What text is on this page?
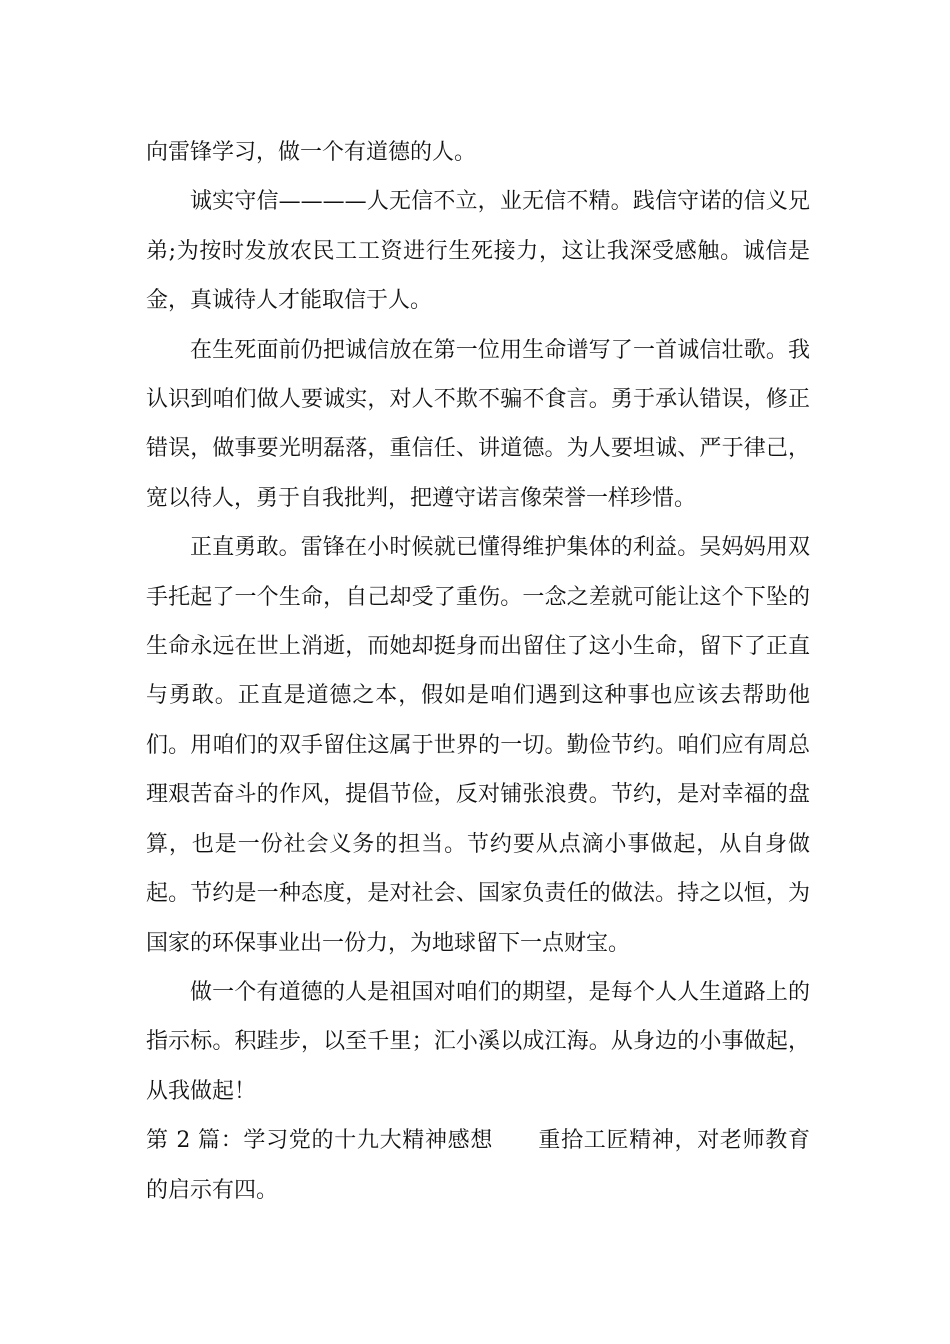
向雷锋学习，做一个有道德的人。

诚实守信————人无信不立，业无信不精。践信守诺的信义兄弟;为按时发放农民工工资进行生死接力，这让我深受感触。诚信是金，真诚待人才能取信于人。

在生死面前仍把诚信放在第一位用生命谱写了一首诚信壮歌。我认识到咱们做人要诚实，对人不欺不骗不食言。勇于承认错误，修正错误，做事要光明磊落，重信任、讲道德。为人要坦诚、严于律己，宽以待人，勇于自我批判，把遵守诺言像荣誉一样珍惜。

正直勇敢。雷锋在小时候就已懂得维护集体的利益。吴妈妈用双手托起了一个生命，自己却受了重伤。一念之差就可能让这个下坠的生命永远在世上消逝，而她却挺身而出留住了这小生命，留下了正直与勇敢。正直是道德之本，假如是咱们遇到这种事也应该去帮助他们。用咱们的双手留住这属于世界的一切。勤俭节约。咱们应有周总理艰苦奋斗的作风，提倡节俭，反对铺张浪费。节约，是对幸福的盘算，也是一份社会义务的担当。节约要从点滴小事做起，从自身做起。节约是一种态度，是对社会、国家负责任的做法。持之以恒，为国家的环保事业出一份力，为地球留下一点财宝。

做一个有道德的人是祖国对咱们的期望，是每个人人生道路上的指示标。积跬步，以至千里；汇小溪以成江海。从身边的小事做起，从我做起！

第 2 篇：学习党的十九大精神感想　　重拾工匠精神，对老师教育的启示有四。
